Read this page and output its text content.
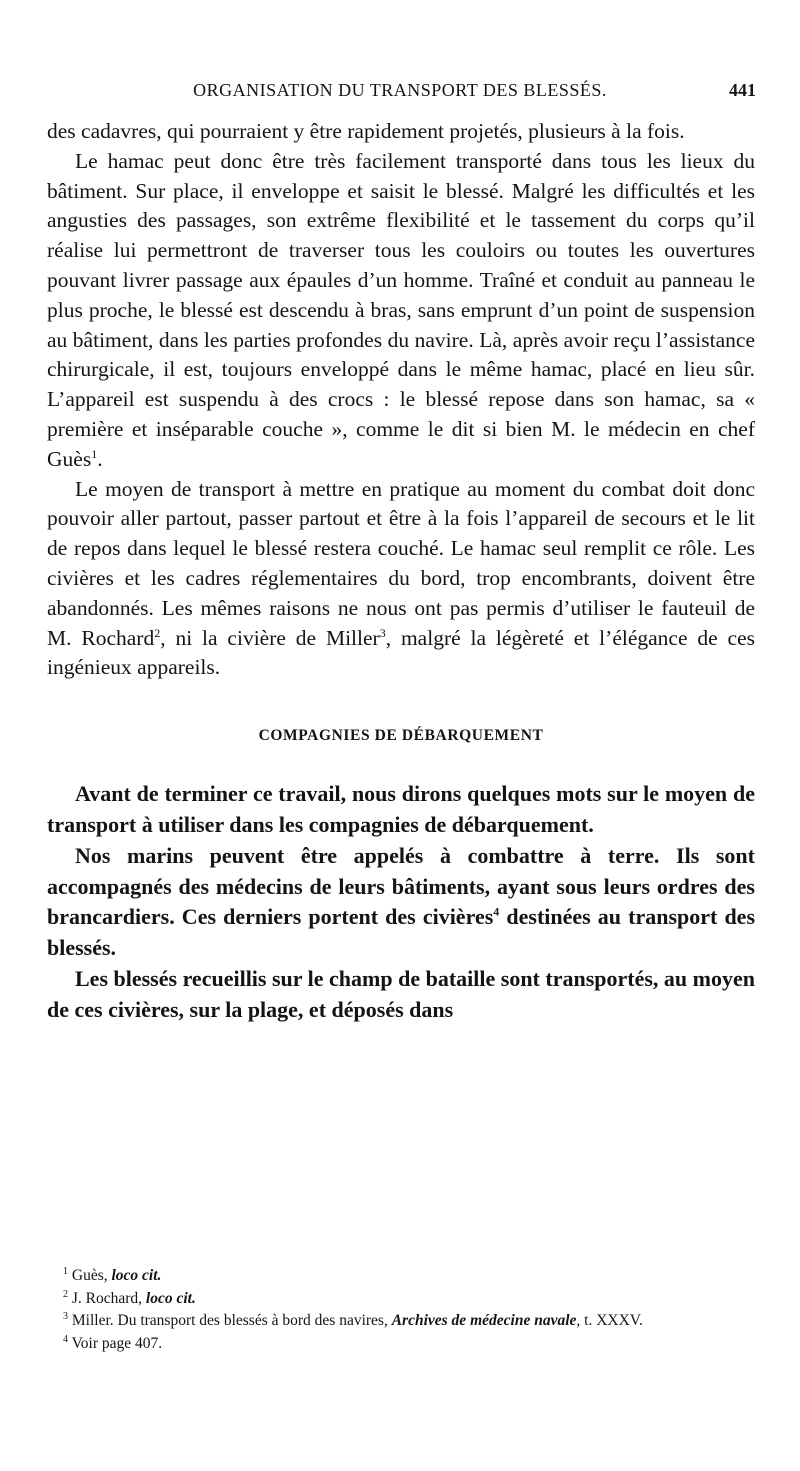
ORGANISATION DU TRANSPORT DES BLESSÉS.	441

des cadavres, qui pourraient y être rapidement projetés, plusieurs à la fois.

Le hamac peut donc être très facilement transporté dans tous les lieux du bâtiment. Sur place, il enveloppe et saisit le blessé. Malgré les difficultés et les angusties des passages, son extrême flexibilité et le tassement du corps qu’il réalise lui permettront de traverser tous les couloirs ou toutes les ouvertures pouvant livrer passage aux épaules d’un homme. Traîné et conduit au panneau le plus proche, le blessé est descendu à bras, sans emprunt d’un point de suspension au bâtiment, dans les parties profondes du navire. Là, après avoir reçu l’assistance chirurgicale, il est, toujours enveloppé dans le même hamac, placé en lieu sûr. L’appareil est suspendu à des crocs : le blessé repose dans son hamac, sa « première et inséparable couche », comme le dit si bien M. le médecin en chef Guès$^1$.

Le moyen de transport à mettre en pratique au moment du combat doit donc pouvoir aller partout, passer partout et être à la fois l’appareil de secours et le lit de repos dans lequel le blessé restera couché. Le hamac seul remplit ce rôle. Les civières et les cadres réglementaires du bord, trop encombrants, doivent être abandonnés. Les mêmes raisons ne nous ont pas permis d’utiliser le fauteuil de M. Rochard$^2$, ni la civière de Miller$^3$, malgré la légèreté et l’élégance de ces ingénieux appareils.

COMPAGNIES DE DÉBARQUEMENT

Avant de terminer ce travail, nous dirons quelques mots sur le moyen de transport à utiliser dans les compagnies de débarquement.

Nos marins peuvent être appelés à combattre à terre. Ils sont accompagnés des médecins de leurs bâtiments, ayant sous leurs ordres des brancardiers. Ces derniers portent des civières$^4$ destinées au transport des blessés.

Les blessés recueillis sur le champ de bataille sont transportés, au moyen de ces civières, sur la plage, et déposés dans

$^1$ Guès, loco cit.

$^2$ J. Rochard, loco cit.

$^3$ Miller. Du transport des blessés à bord des navires, Archives de médecine navale, t. XXXV.

$^4$ Voir page 407.
